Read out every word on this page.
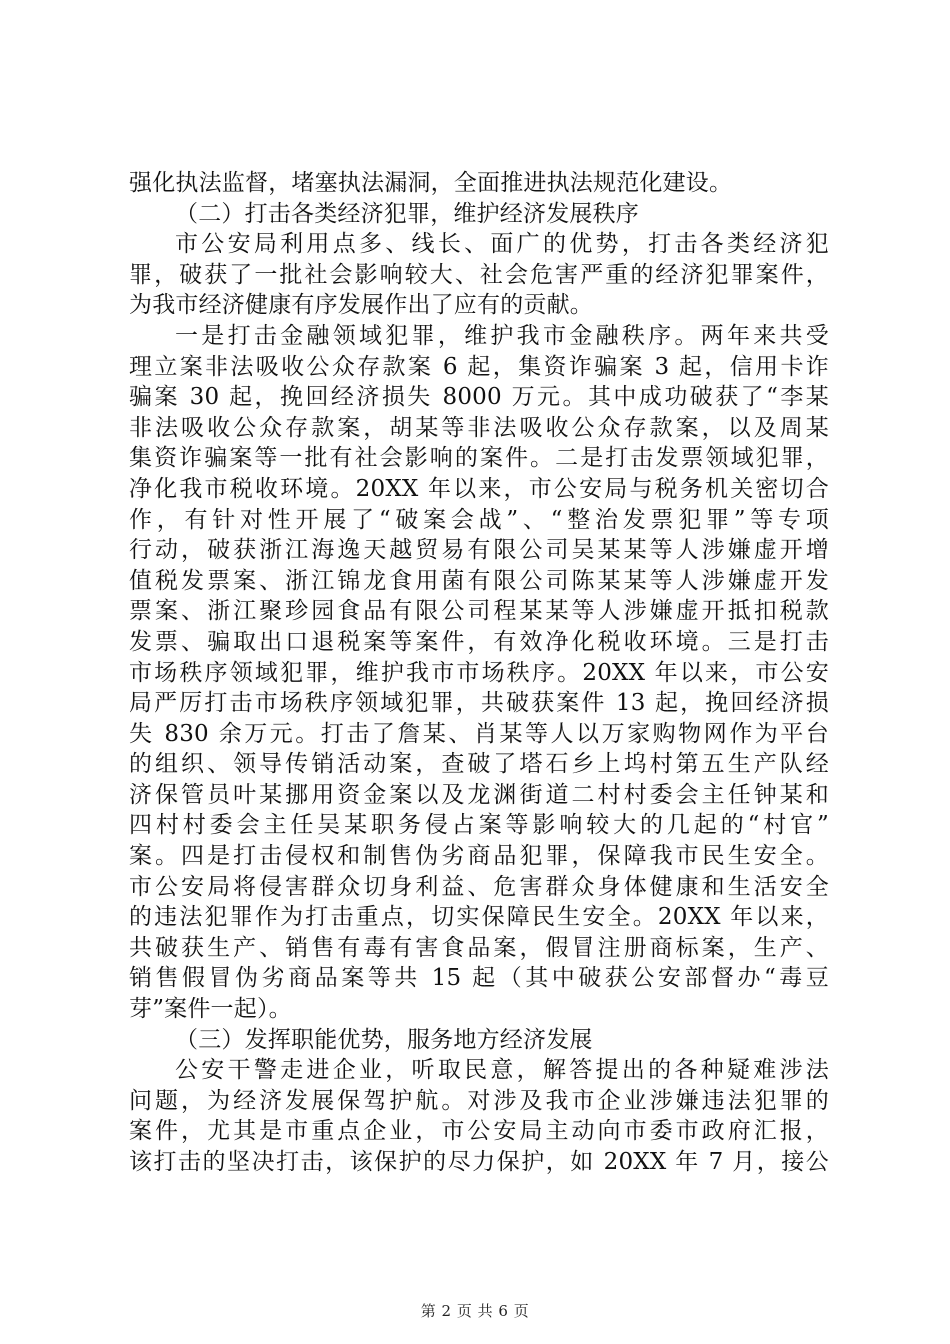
强化执法监督，堵塞执法漏洞，全面推进执法规范化建设。
（二）打击各类经济犯罪，维护经济发展秩序
市公安局利用点多、线长、面广的优势，打击各类经济犯
罪，破获了一批社会影响较大、社会危害严重的经济犯罪案件，
为我市经济健康有序发展作出了应有的贡献。
一是打击金融领域犯罪，维护我市金融秩序。两年来共受
理立案非法吸收公众存款案 6 起，集资诈骗案 3 起，信用卡诈
骗案 30 起，挽回经济损失 8000 万元。其中成功破获了“李某
非法吸收公众存款案，胡某等非法吸收公众存款案，以及周某
集资诈骗案等一批有社会影响的案件。二是打击发票领域犯罪，
净化我市税收环境。20XX 年以来，市公安局与税务机关密切合
作，有针对性开展了“破案会战”、“整治发票犯罪”等专项
行动，破获浙江海逸天越贸易有限公司吴某某等人涉嫌虚开增
值税发票案、浙江锦龙食用菌有限公司陈某某等人涉嫌虚开发
票案、浙江聚珍园食品有限公司程某某等人涉嫌虚开抵扣税款
发票、骗取出口退税案等案件，有效净化税收环境。三是打击
市场秩序领域犯罪，维护我市市场秩序。20XX 年以来，市公安
局严厉打击市场秩序领域犯罪，共破获案件 13 起，挽回经济损
失 830 余万元。打击了詹某、肖某等人以万家购物网作为平台
的组织、领导传销活动案，查破了塔石乡上坞村第五生产队经
济保管员叶某挪用资金案以及龙渊街道二村村委会主任钟某和
四村村委会主任吴某职务侵占案等影响较大的几起的“村官”
案。四是打击侵权和制售伪劣商品犯罪，保障我市民生安全。
市公安局将侵害群众切身利益、危害群众身体健康和生活安全
的违法犯罪作为打击重点，切实保障民生安全。20XX 年以来，
共破获生产、销售有毒有害食品案，假冒注册商标案，生产、
销售假冒伪劣商品案等共 15 起（其中破获公安部督办“毒豆
芽”案件一起）。
（三）发挥职能优势，服务地方经济发展
公安干警走进企业，听取民意，解答提出的各种疑难涉法
问题，为经济发展保驾护航。对涉及我市企业涉嫌违法犯罪的
案件，尤其是市重点企业，市公安局主动向市委市政府汇报，
该打击的坚决打击，该保护的尽力保护，如 20XX 年 7 月，接公
第 2 页 共 6 页
